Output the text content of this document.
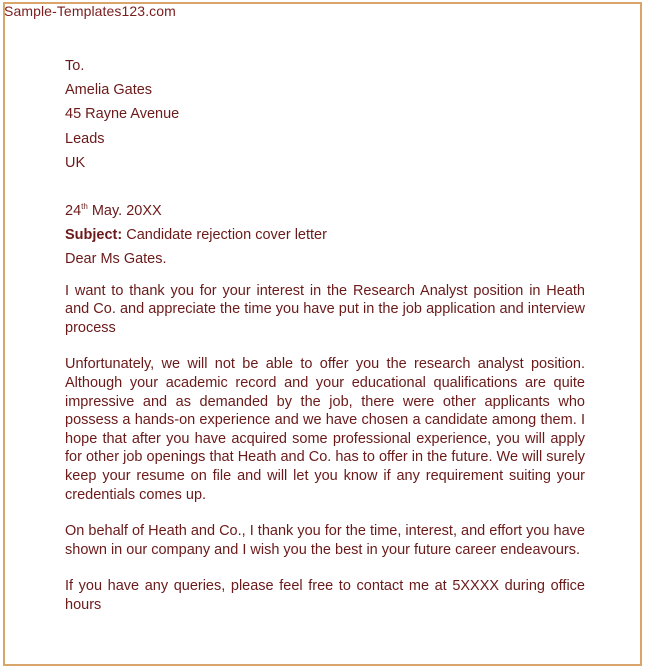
Sample-Templates123.com
To.
Amelia Gates
45 Rayne Avenue
Leads
UK
24th May. 20XX
Subject: Candidate rejection cover letter
Dear Ms Gates.

I want to thank you for your interest in the Research Analyst position in Heath and Co. and appreciate the time you have put in the job application and interview process

Unfortunately, we will not be able to offer you the research analyst position. Although your academic record and your educational qualifications are quite impressive and as demanded by the job, there were other applicants who possess a hands-on experience and we have chosen a candidate among them. I hope that after you have acquired some professional experience, you will apply for other job openings that Heath and Co. has to offer in the future. We will surely keep your resume on file and will let you know if any requirement suiting your credentials comes up.

On behalf of Heath and Co., I thank you for the time, interest, and effort you have shown in our company and I wish you the best in your future career endeavours.

If you have any queries, please feel free to contact me at 5XXXX during office hours
